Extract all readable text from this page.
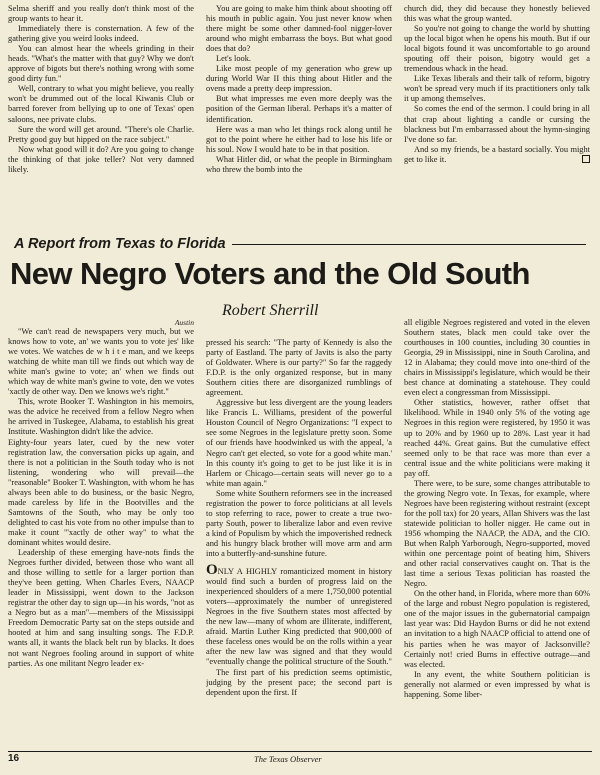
Selma sheriff and you really don't think most of the group wants to hear it.

Immediately there is consternation. A few of the gathering give you weird looks indeed.

You can almost hear the wheels grinding in their heads. "What's the matter with that guy? Why we don't approve of bigots but there's nothing wrong with some good dirty fun."

Well, contrary to what you might believe, you really won't be drummed out of the local Kiwanis Club or barred forever from bellying up to one of Texas' open saloons, nee private clubs.

Sure the word will get around. "There's ole Charlie. Pretty good guy but hipped on the race subject."

Now what good will it do? Are you going to change the thinking of that joke teller? Not very damned likely.

You are going to make him think about shooting off his mouth in public again. You just never know when there might be some other damned-fool nigger-lover around who might embarrass the boys. But what good does that do?

Let's look.

Like most people of my generation who grew up during World War II this thing about Hitler and the ovens made a pretty deep impression.

But what impresses me even more deeply was the position of the German liberal. Perhaps it's a matter of identification.

Here was a man who let things rock along until he got to the point where he either had to lose his life or his soul. Now I would hate to be in that position.

What Hitler did, or what the people in Birmingham who threw the bomb into the

church did, they did because they honestly believed this was what the group wanted.

So you're not going to change the world by shutting up the local bigot when he opens his mouth. But if our local bigots found it was uncomfortable to go around spouting off their poison, bigotry would get a tremendous whack in the head.

Like Texas liberals and their talk of reform, bigotry won't be spread very much if its practitioners only talk it up among themselves.

So comes the end of the sermon. I could bring in all that crap about lighting a candle or cursing the blackness but I'm embarrassed about the hymn-singing I've done so far.

And so my friends, be a bastard socially. You might get to like it.

A Report from Texas to Florida
New Negro Voters and the Old South
Robert Sherrill
Austin

"We can't read de newspapers very much, but we knows how to vote, an' we wants you to vote jes' like we votes. We watches de w h i t e man, and we keeps watching de white man till we finds out which way de white man's gwine to vote; an' when we finds out which way de white man's gwine to vote, den we votes 'xactly de other way. Den we knows we's right."

This, wrote Booker T. Washington in his memoirs, was the advice he received from a fellow Negro when he arrived in Tuskegee, Alabama, to establish his great Institute. Washington didn't like the advice.

Eighty-four years later, cued by the new voter registration law, the conversation picks up again, and there is not a politician in the South today who is not listening, wondering who will prevail—the "reasonable" Booker T. Washington, with whom he has always been able to do business, or the basic Negro, made careless by life in the Bootvilles and the Samtowns of the South, who may be only too delighted to cast his vote from no other impulse than to make it count "'xactly de other way" to what the dominant whites would desire.

Leadership of these emerging have-nots finds the Negroes further divided, between those who want all and those willing to settle for a larger portion than they've been getting. When Charles Evers, NAACP leader in Mississippi, went down to the Jackson registrar the other day to sign up—in his words, "not as a Negro but as a man"—members of the Mississippi Freedom Democratic Party sat on the steps outside and hooted at him and sang insulting songs. The F.D.P. wants all, it wants the black belt run by blacks. It does not want Negroes fooling around in support of white parties. As one militant Negro leader ex-

pressed his search: "The party of Kennedy is also the party of Eastland. The party of Javits is also the party of Goldwater. Where is our party?" So far the raggedy F.D.P. is the only organized response, but in many Southern cities there are disorganized rumblings of agreement.

Aggressive but less divergent are the young leaders like Francis L. Williams, president of the powerful Houston Council of Negro Organizations: "I expect to see some Negroes in the legislature pretty soon. Some of our friends have hoodwinked us with the appeal, 'a Negro can't get elected, so vote for a good white man.' In this county it's going to get to be just like it is in Harlem or Chicago—certain seats will never go to a white man again."

Some white Southern reformers see in the increased registration the power to force politicians at all levels to stop referring to race, power to create a true two-party South, power to liberalize labor and even revive a kind of Populism by which the impoverished redneck and his hungry black brother will move arm and arm into a butterfly-and-sunshine future.

ONLY A HIGHLY romanticized moment in history would find such a burden of progress laid on the inexperienced shoulders of a mere 1,750,000 potential voters—approximately the number of unregistered Negroes in the five Southern states most affected by the new law—many of whom are illiterate, indifferent, afraid. Martin Luther King predicted that 900,000 of these faceless ones would be on the rolls within a year after the new law was signed and that they would "eventually change the political structure of the South."

The first part of his prediction seems optimistic, judging by the present pace; the second part is dependent upon the first. If

all eligible Negroes registered and voted in the eleven Southern states, black men could take over the courthouses in 100 counties, including 30 counties in Georgia, 29 in Mississippi, nine in South Carolina, and 12 in Alabama; they could move into one-third of the chairs in Mississippi's legislature, which would be their best chance at dominating a statehouse. They could even elect a congressman from Mississippi.

Other statistics, however, rather offset that likelihood. While in 1940 only 5% of the voting age Negroes in this region were registered, by 1950 it was up to 20% and by 1960 up to 28%. Last year it had reached 44%. Great gains. But the cumulative effect seemed only to be that race was more than ever a central issue and the white politicians were making it pay off.

There were, to be sure, some changes attributable to the growing Negro vote. In Texas, for example, where Negroes have been registering without restraint (except for the poll tax) for 20 years, Allan Shivers was the last statewide politician to holler nigger. He came out in 1956 whomping the NAACP, the ADA, and the CIO. But when Ralph Yarborough, Negro-supported, moved within one percentage point of beating him, Shivers and other racial conservatives caught on. That is the last time a serious Texas politician has roasted the Negro.

On the other hand, in Florida, where more than 60% of the large and robust Negro population is registered, one of the major issues in the gubernatorial campaign last year was: Did Haydon Burns or did he not extend an invitation to a high NAACP official to attend one of his parties when he was mayor of Jacksonville? Certainly not! cried Burns in effective outrage—and was elected.

In any event, the white Southern politician is generally not alarmed or even impressed by what is happening. Some liber-

16	The Texas Observer
